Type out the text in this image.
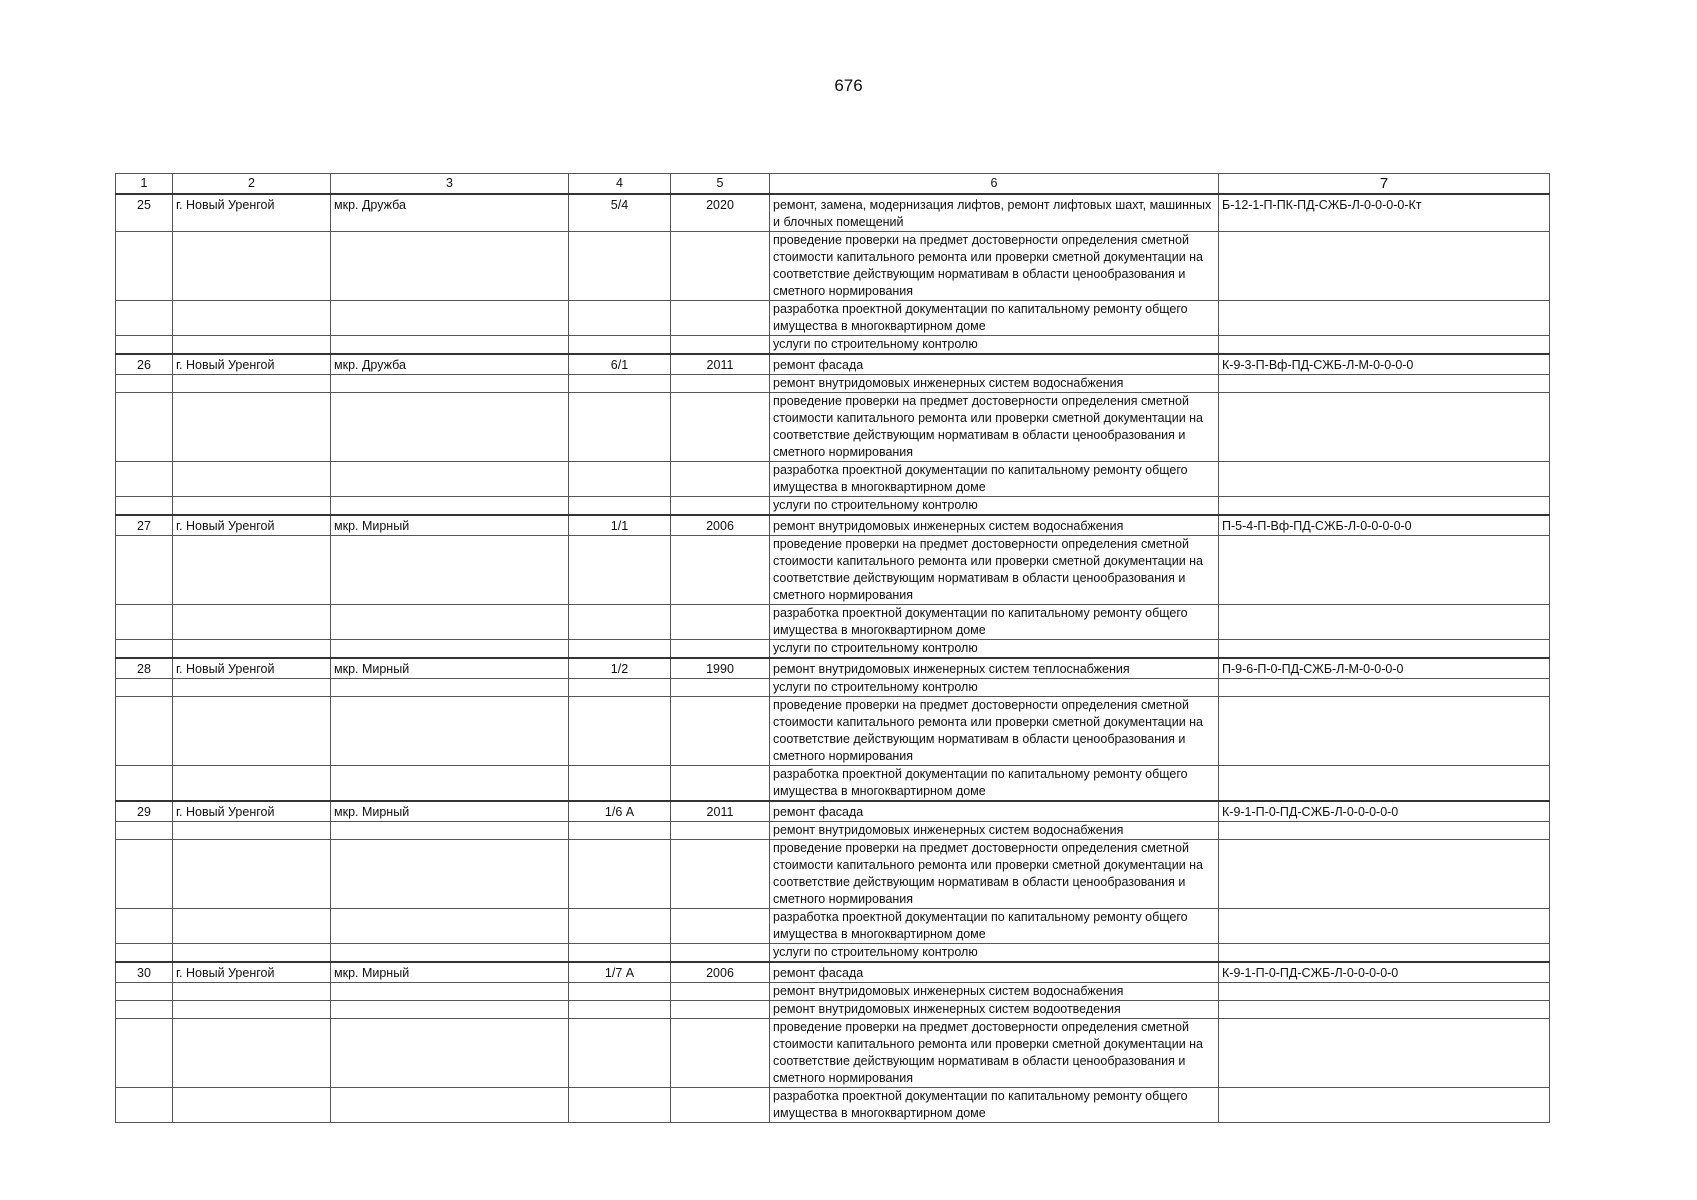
676
1	2	3	4	5	6	7
25	г. Новый Уренгой	мкр. Дружба	5/4	2020	ремонт, замена, модернизация лифтов, ремонт лифтовых шахт, машинных и блочных помещений	Б-12-1-П-ПК-ПД-СЖБ-Л-0-0-0-0-Кт
					проведение проверки на предмет достоверности определения сметной стоимости капитального ремонта или проверки сметной документации на соответствие действующим нормативам в области ценообразования и сметного нормирования	
					разработка проектной документации по капитальному ремонту общего имущества в многоквартирном доме	
					услуги по строительному контролю	
26	г. Новый Уренгой	мкр. Дружба	6/1	2011	ремонт фасада	К-9-3-П-Вф-ПД-СЖБ-Л-М-0-0-0-0
					ремонт внутридомовых инженерных систем водоснабжения	
					проведение проверки на предмет достоверности определения сметной стоимости капитального ремонта или проверки сметной документации на соответствие действующим нормативам в области ценообразования и сметного нормирования	
					разработка проектной документации по капитальному ремонту общего имущества в многоквартирном доме	
					услуги по строительному контролю	
27	г. Новый Уренгой	мкр. Мирный	1/1	2006	ремонт внутридомовых инженерных систем водоснабжения	П-5-4-П-Вф-ПД-СЖБ-Л-0-0-0-0-0
					проведение проверки на предмет достоверности определения сметной стоимости капитального ремонта или проверки сметной документации на соответствие действующим нормативам в области ценообразования и сметного нормирования	
					разработка проектной документации по капитальному ремонту общего имущества в многоквартирном доме	
					услуги по строительному контролю	
28	г. Новый Уренгой	мкр. Мирный	1/2	1990	ремонт внутридомовых инженерных систем теплоснабжения	П-9-6-П-0-ПД-СЖБ-Л-М-0-0-0-0
					услуги по строительному контролю	
					проведение проверки на предмет достоверности определения сметной стоимости капитального ремонта или проверки сметной документации на соответствие действующим нормативам в области ценообразования и сметного нормирования	
					разработка проектной документации по капитальному ремонту общего имущества в многоквартирном доме	
29	г. Новый Уренгой	мкр. Мирный	1/6 А	2011	ремонт фасада	К-9-1-П-0-ПД-СЖБ-Л-0-0-0-0-0
					ремонт внутридомовых инженерных систем водоснабжения	
					проведение проверки на предмет достоверности определения сметной стоимости капитального ремонта или проверки сметной документации на соответствие действующим нормативам в области ценообразования и сметного нормирования	
					разработка проектной документации по капитальному ремонту общего имущества в многоквартирном доме	
					услуги по строительному контролю	
30	г. Новый Уренгой	мкр. Мирный	1/7 А	2006	ремонт фасада	К-9-1-П-0-ПД-СЖБ-Л-0-0-0-0-0
					ремонт внутридомовых инженерных систем водоснабжения	
					ремонт внутридомовых инженерных систем водоотведения	
					проведение проверки на предмет достоверности определения сметной стоимости капитального ремонта или проверки сметной документации на соответствие действующим нормативам в области ценообразования и сметного нормирования	
					разработка проектной документации по капитальному ремонту общего имущества в многоквартирном доме	
